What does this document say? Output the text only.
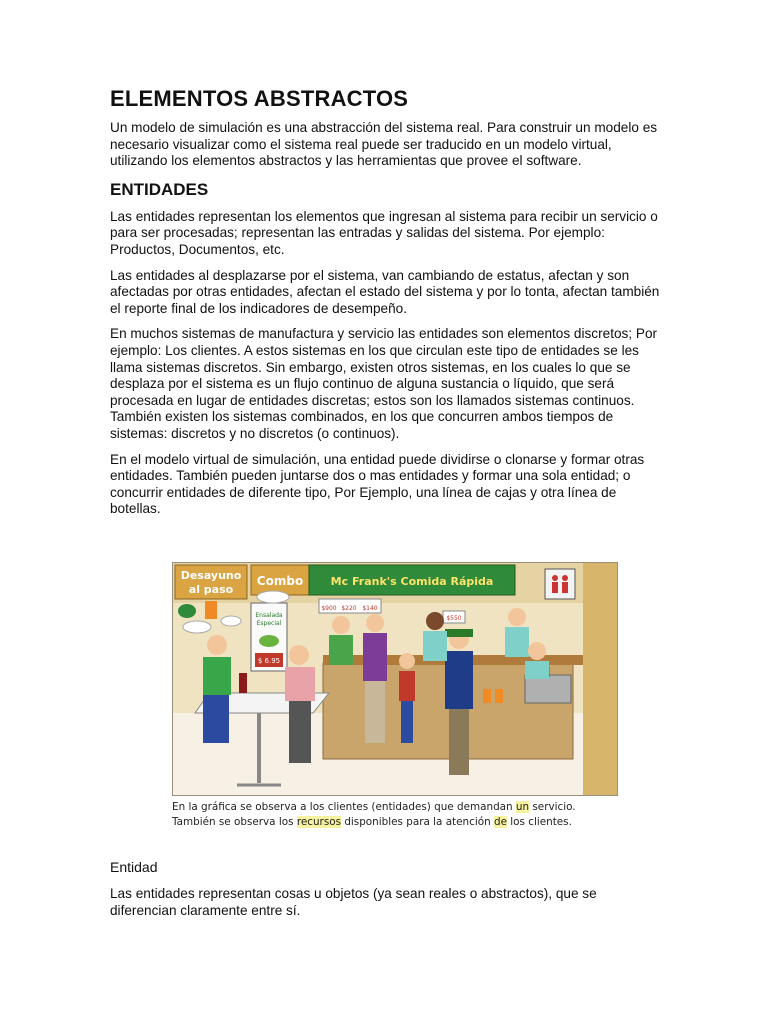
ELEMENTOS ABSTRACTOS

Un modelo de simulación es una abstracción del sistema real. Para construir un modelo es necesario visualizar como el sistema real puede ser traducido en un modelo virtual, utilizando los elementos abstractos y las herramientas que provee el software.

ENTIDADES

Las entidades representan los elementos que ingresan al sistema para recibir un servicio o para ser procesadas; representan las entradas y salidas del sistema. Por ejemplo: Productos, Documentos, etc.

Las entidades al desplazarse por el sistema, van cambiando de estatus, afectan y son afectadas por otras entidades, afectan el estado del sistema y por lo tonta, afectan también el reporte final de los indicadores de desempeño.

En muchos sistemas de manufactura y servicio las entidades son elementos discretos; Por ejemplo: Los clientes. A estos sistemas en los que circulan este tipo de entidades se les llama sistemas discretos. Sin embargo, existen otros sistemas, en los cuales lo que se desplaza por el sistema es un flujo continuo de alguna sustancia o líquido, que será procesada en lugar de entidades discretas; estos son los llamados sistemas continuos. También existen los sistemas combinados, en los que concurren ambos tiempos de sistemas: discretos y no discretos (o continuos).

En el modelo virtual de simulación, una entidad puede dividirse o clonarse y formar otras entidades. También pueden juntarse dos o mas entidades y formar una sola entidad; o concurrir entidades de diferente tipo, Por Ejemplo, una línea de cajas y otra línea de botellas.

Desayuno
al paso
Combo Mc Frank's Comida Rápida
Ensalada
Especial
$ 6.95
$900 $220 $140
$550
En la gráfica se observa a los clientes (entidades) que demandan un servicio.
También se observa los recursos disponibles para la atención de los clientes.
Entidad

Las entidades representan cosas u objetos (ya sean reales o abstractos), que se diferencian claramente entre sí.
